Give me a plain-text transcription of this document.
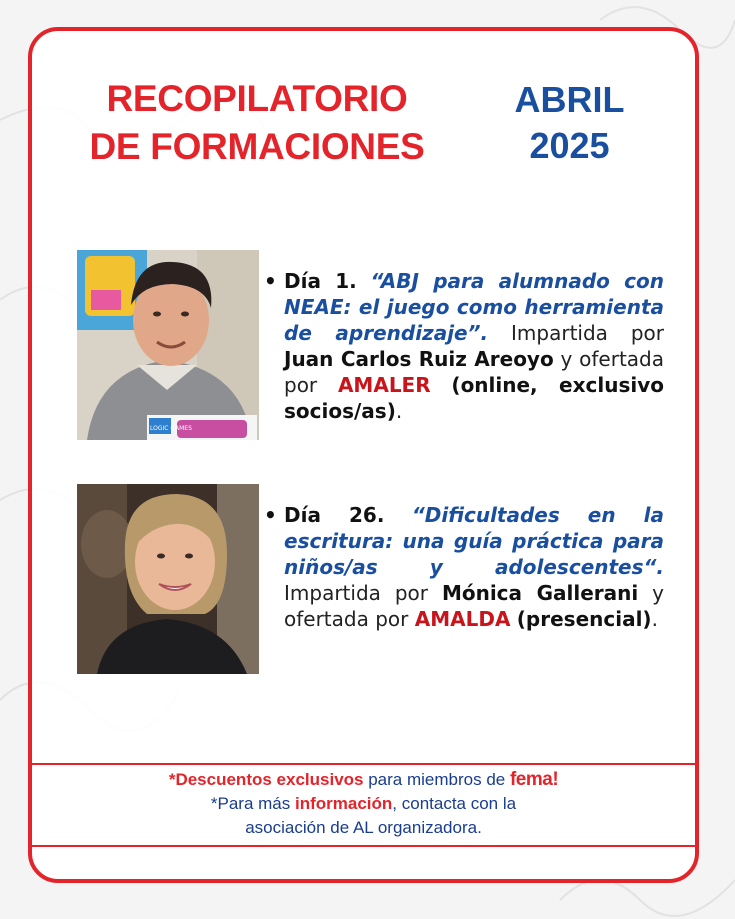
RECOPILATORIO
DE FORMACIONES
ABRIL
2025
LOGIC GAMES
• Día 1. “ABJ para alumnado con NEAE: el juego como herramienta de aprendizaje”. Impartida por Juan Carlos Ruiz Areoyo y ofertada por AMALER (online, exclusivo socios/as).
• Día 26. “Dificultades en la escritura: una guía práctica para niños/as y adolescentes“. Impartida por Mónica Gallerani y ofertada por AMALDA (presencial).
*Descuentos exclusivos para miembros de fema!
*Para más información, contacta con la
asociación de AL organizadora.
